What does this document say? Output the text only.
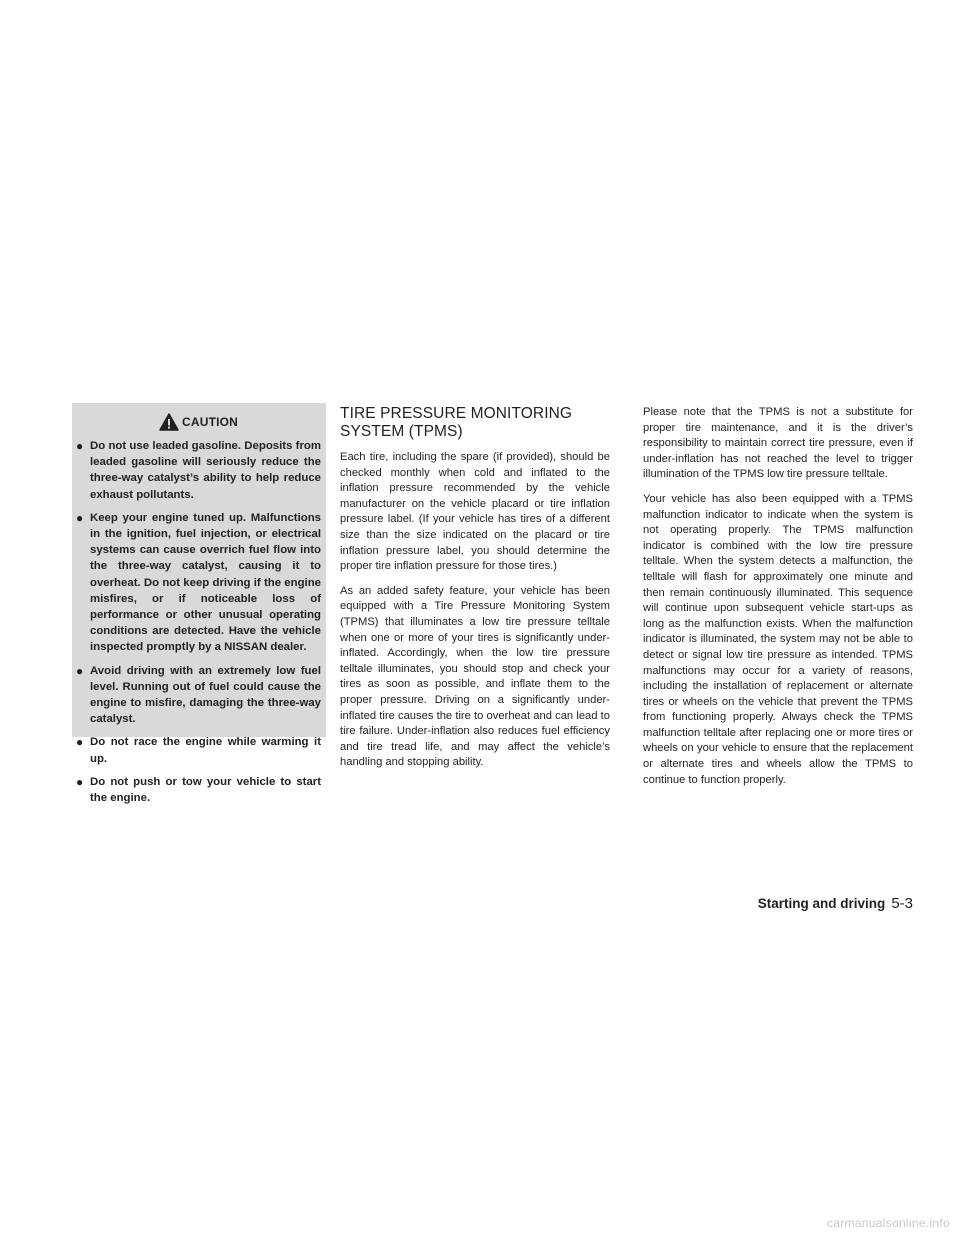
CAUTION
● Do not use leaded gasoline. Deposits from leaded gasoline will seriously reduce the three-way catalyst’s ability to help reduce exhaust pollutants.
● Keep your engine tuned up. Malfunctions in the ignition, fuel injection, or electrical systems can cause overrich fuel flow into the three-way catalyst, causing it to overheat. Do not keep driving if the engine misfires, or if noticeable loss of performance or other unusual operating conditions are detected. Have the vehicle inspected promptly by a NISSAN dealer.
● Avoid driving with an extremely low fuel level. Running out of fuel could cause the engine to misfire, damaging the three-way catalyst.
● Do not race the engine while warming it up.
● Do not push or tow your vehicle to start the engine.
TIRE PRESSURE MONITORING SYSTEM (TPMS)

Each tire, including the spare (if provided), should be checked monthly when cold and inflated to the inflation pressure recommended by the vehicle manufacturer on the vehicle placard or tire inflation pressure label. (If your vehicle has tires of a different size than the size indicated on the placard or tire inflation pressure label, you should determine the proper tire inflation pressure for those tires.)

As an added safety feature, your vehicle has been equipped with a Tire Pressure Monitoring System (TPMS) that illuminates a low tire pressure telltale when one or more of your tires is significantly under-inflated. Accordingly, when the low tire pressure telltale illuminates, you should stop and check your tires as soon as possible, and inflate them to the proper pressure. Driving on a significantly under-inflated tire causes the tire to overheat and can lead to tire failure. Under-inflation also reduces fuel efficiency and tire tread life, and may affect the vehicle’s handling and stopping ability.

Please note that the TPMS is not a substitute for proper tire maintenance, and it is the driver’s responsibility to maintain correct tire pressure, even if under-inflation has not reached the level to trigger illumination of the TPMS low tire pressure telltale.

Your vehicle has also been equipped with a TPMS malfunction indicator to indicate when the system is not operating properly. The TPMS malfunction indicator is combined with the low tire pressure telltale. When the system detects a malfunction, the telltale will flash for approximately one minute and then remain continuously illuminated. This sequence will continue upon subsequent vehicle start-ups as long as the malfunction exists. When the malfunction indicator is illuminated, the system may not be able to detect or signal low tire pressure as intended. TPMS malfunctions may occur for a variety of reasons, including the installation of replacement or alternate tires or wheels on the vehicle that prevent the TPMS from functioning properly. Always check the TPMS malfunction telltale after replacing one or more tires or wheels on your vehicle to ensure that the replacement or alternate tires and wheels allow the TPMS to continue to function properly.

Starting and driving 5-3
carmanualsonline.info
